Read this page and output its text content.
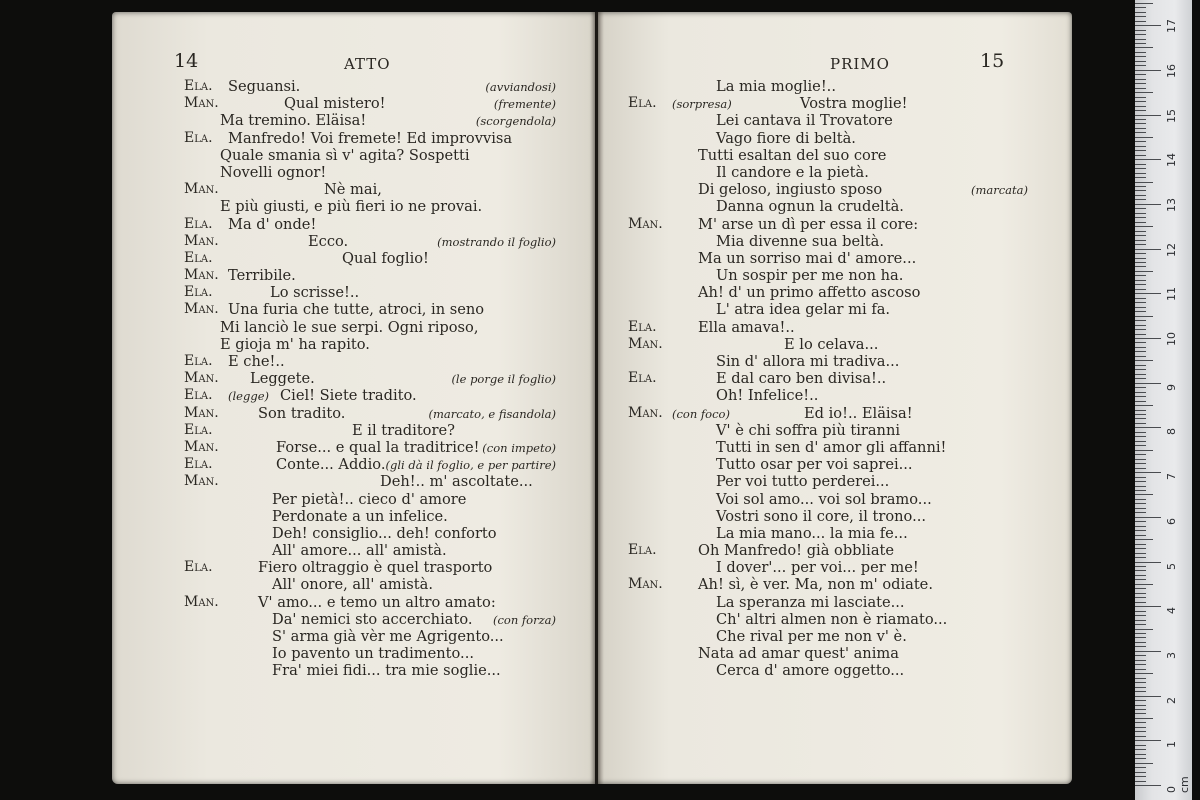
14	ATTO
Ela. Seguansi.	(avviandosi)
Man.	Qual mistero!	(fremente)
Ma tremino. Eläisa!	(scorgendola)
Ela. Manfredo! Voi fremete! Ed improvvisa
Quale smania sì v' agita? Sospetti
Novelli ognor!
Man.	Nè mai,
E più giusti, e più fieri io ne provai.
Ela. Ma d' onde!
Man.	Ecco.	(mostrando il foglio)
Ela.	Qual foglio!
Man. Terribile.
Ela.	Lo scrisse!..
Man. Una furia che tutte, atroci, in seno
Mi lanciò le sue serpi. Ogni riposo,
E gioja m' ha rapito.
Ela. E che!..
Man. Leggete.	(le porge il foglio)
Ela. (legge) Ciel! Siete tradito.
Man.	Son tradito.	(marcato, e fisandola)
Ela.	E il traditore?
Man.	Forse... e qual la traditrice! (con impeto)
Ela.	Conte... Addio. (gli dà il foglio, e per partire)
Man.	Deh!.. m' ascoltate...
Per pietà!.. cieco d' amore
Perdonate a un infelice.
Deh! consiglio... deh! conforto
All' amore... all' amistà.
Ela.	Fiero oltraggio è quel trasporto
All' onore, all' amistà.
Man.	V' amo... e temo un altro amato:
Da' nemici sto accerchiato. (con forza)
S' arma già vèr me Agrigento...
Io pavento un tradimento...
Fra' miei fidi... tra mie soglie...
PRIMO	15
La mia moglie!..
Ela. (sorpresa)	Vostra moglie!
Lei cantava il Trovatore
Vago fiore di beltà.
Tutti esaltan del suo core
Il candore e la pietà.
Di geloso, ingiusto sposo	(marcata)
Danna ognun la crudeltà.
Man. M' arse un dì per essa il core:
Mia divenne sua beltà.
Ma un sorriso mai d' amore...
Un sospir per me non ha.
Ah! d' un primo affetto ascoso
L' atra idea gelar mi fa.
Ela.	Ella amava!..
Man.	E lo celava...
Sin d' allora mi tradiva...
Ela.	E dal caro ben divisa!..
Oh! Infelice!..
Man. (con foco)	Ed io!.. Eläisa!
V' è chi soffra più tiranni
Tutti in sen d' amor gli affanni!
Tutto osar per voi saprei...
Per voi tutto perderei...
Voi sol amo... voi sol bramo...
Vostri sono il core, il trono...
La mia mano... la mia fe...
Ela.	Oh Manfredo! già obbliate
I dover'... per voi... per me!
Man. Ah! sì, è ver. Ma, non m' odiate.
La speranza mi lasciate...
Ch' altri almen non è riamato...
Che rival per me non v' è.
Nata ad amar quest' anima
Cerca d' amore oggetto...
0 cm
1
2
3
4
5
6
7
8
9
10
11
12
13
14
15
16
17
